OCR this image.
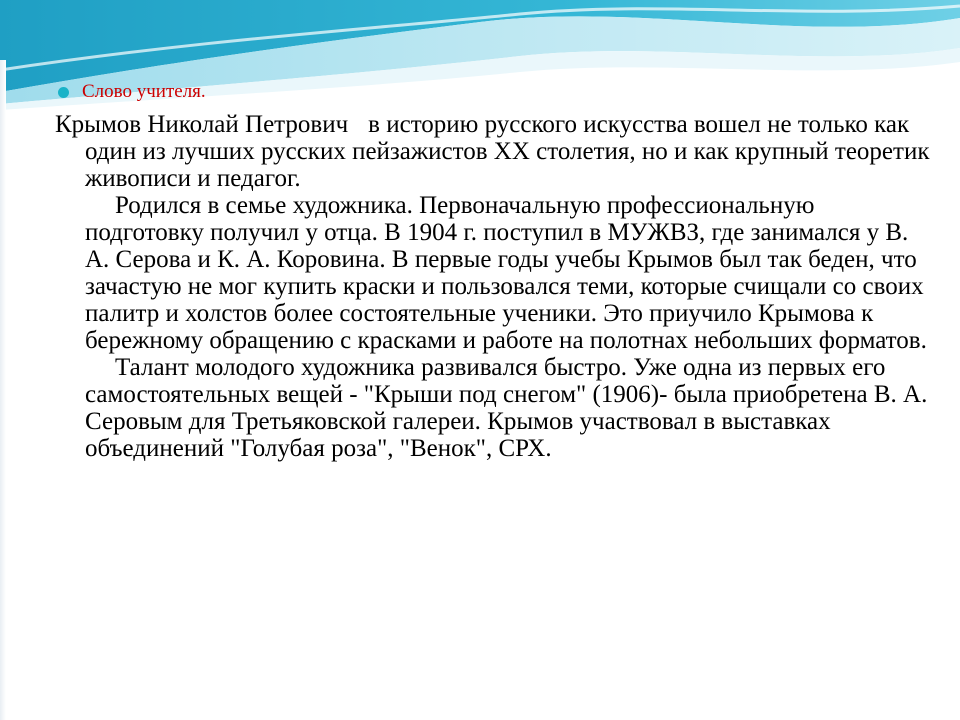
Слово учителя.

Крымов Николай Петрович в историю русского искусства вошел не только как один из лучших русских пейзажистов XX столетия, но и как крупный теоретик живописи и педагог.

Родился в семье художника. Первоначальную профессиональную подготовку получил у отца. В 1904 г. поступил в МУЖВЗ, где занимался у В. А. Серова и К. А. Коровина. В первые годы учебы Крымов был так беден, что зачастую не мог купить краски и пользовался теми, которые счищали со своих палитр и холстов более состоятельные ученики. Это приучило Крымова к бережному обращению с красками и работе на полотнах небольших форматов.

Талант молодого художника развивался быстро. Уже одна из первых его самостоятельных вещей - "Крыши под снегом" (1906)- была приобретена В. А. Серовым для Третьяковской галереи. Крымов участвовал в выставках объединений "Голубая роза", "Венок", СРХ.
